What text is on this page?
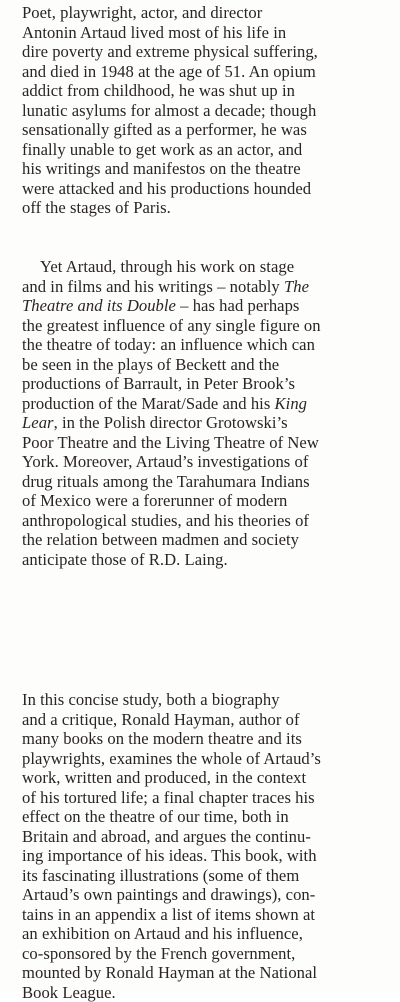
Poet, playwright, actor, and director
Antonin Artaud lived most of his life in
dire poverty and extreme physical suffering,
and died in 1948 at the age of 51. An opium
addict from childhood, he was shut up in
lunatic asylums for almost a decade; though
sensationally gifted as a performer, he was
finally unable to get work as an actor, and
his writings and manifestos on the theatre
were attacked and his productions hounded
off the stages of Paris.
Yet Artaud, through his work on stage
and in films and his writings – notably The
Theatre and its Double – has had perhaps
the greatest influence of any single figure on
the theatre of today: an influence which can
be seen in the plays of Beckett and the
productions of Barrault, in Peter Brook’s
production of the Marat/Sade and his King
Lear, in the Polish director Grotowski’s
Poor Theatre and the Living Theatre of New
York. Moreover, Artaud’s investigations of
drug rituals among the Tarahumara Indians
of Mexico were a forerunner of modern
anthropological studies, and his theories of
the relation between madmen and society
anticipate those of R.D. Laing.
In this concise study, both a biography
and a critique, Ronald Hayman, author of
many books on the modern theatre and its
playwrights, examines the whole of Artaud’s
work, written and produced, in the context
of his tortured life; a final chapter traces his
effect on the theatre of our time, both in
Britain and abroad, and argues the continu-
ing importance of his ideas. This book, with
its fascinating illustrations (some of them
Artaud’s own paintings and drawings), con-
tains in an appendix a list of items shown at
an exhibition on Artaud and his influence,
co-sponsored by the French government,
mounted by Ronald Hayman at the National
Book League.
